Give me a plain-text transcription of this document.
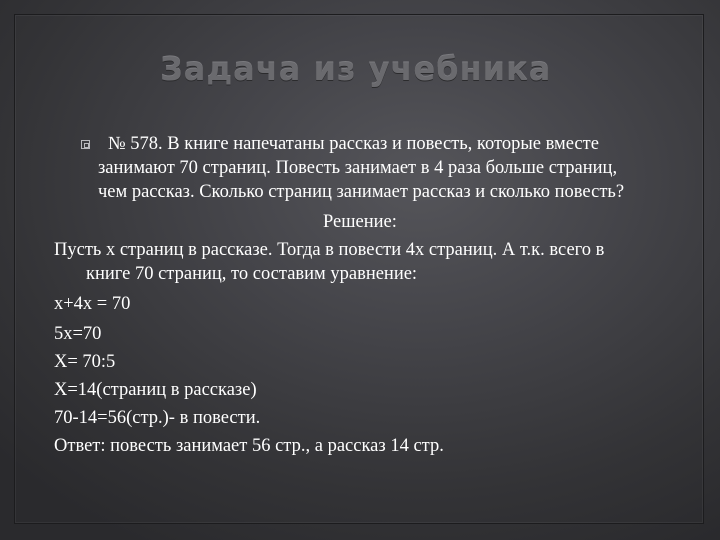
Задача из учебника
№ 578. В книге напечатаны рассказ и повесть, которые вместе
занимают 70 страниц. Повесть занимает в 4 раза больше страниц,
чем рассказ. Сколько страниц занимает рассказ и сколько повесть?
Решение:
Пусть х страниц в рассказе. Тогда в повести 4х страниц. А т.к. всего в
книге 70 страниц, то составим уравнение:
х+4х = 70
5х=70
Х= 70:5
Х=14(страниц в рассказе)
70-14=56(стр.)- в повести.
Ответ: повесть занимает 56 стр., а рассказ 14 стр.
